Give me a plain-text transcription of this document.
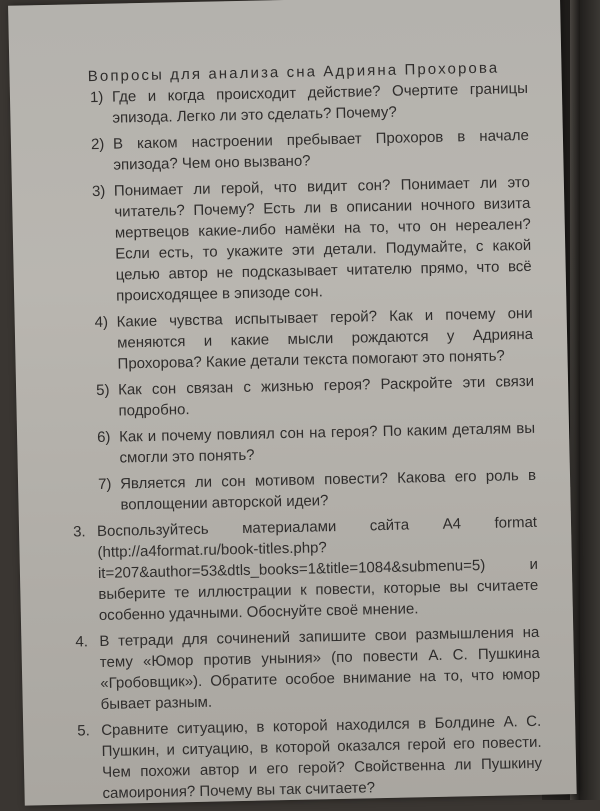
Вопросы для анализа сна Адрияна Прохорова
1) Где и когда происходит действие? Очертите границы эпизода. Легко ли это сделать? Почему?
2) В каком настроении пребывает Прохоров в начале эпизода? Чем оно вызвано?
3) Понимает ли герой, что видит сон? Понимает ли это читатель? Почему? Есть ли в описании ночного визита мертвецов какие-либо намёки на то, что он нереален? Если есть, то укажите эти детали. Подумайте, с какой целью автор не подсказывает читателю прямо, что всё происходящее в эпизоде сон.
4) Какие чувства испытывает герой? Как и почему они меняются и какие мысли рождаются у Адрияна Прохорова? Какие детали текста помогают это понять?
5) Как сон связан с жизнью героя? Раскройте эти связи подробно.
6) Как и почему повлиял сон на героя? По каким деталям вы смогли это понять?
7) Является ли сон мотивом повести? Какова его роль в воплощении авторской идеи?
3. Воспользуйтесь материалами сайта A4 format (http://a4format.ru/book-titles.php?it=207&author=53&dtls_books=1&title=1084&submenu=5) и выберите те иллюстрации к повести, которые вы считаете особенно удачными. Обоснуйте своё мнение.
4. В тетради для сочинений запишите свои размышления на тему «Юмор против уныния» (по повести А. С. Пушкина «Гробовщик»). Обратите особое внимание на то, что юмор бывает разным.
5. Сравните ситуацию, в которой находился в Болдине А. С. Пушкин, и ситуацию, в которой оказался герой его повести. Чем похожи автор и его герой? Свойственна ли Пушкину самоирония? Почему вы так считаете?
